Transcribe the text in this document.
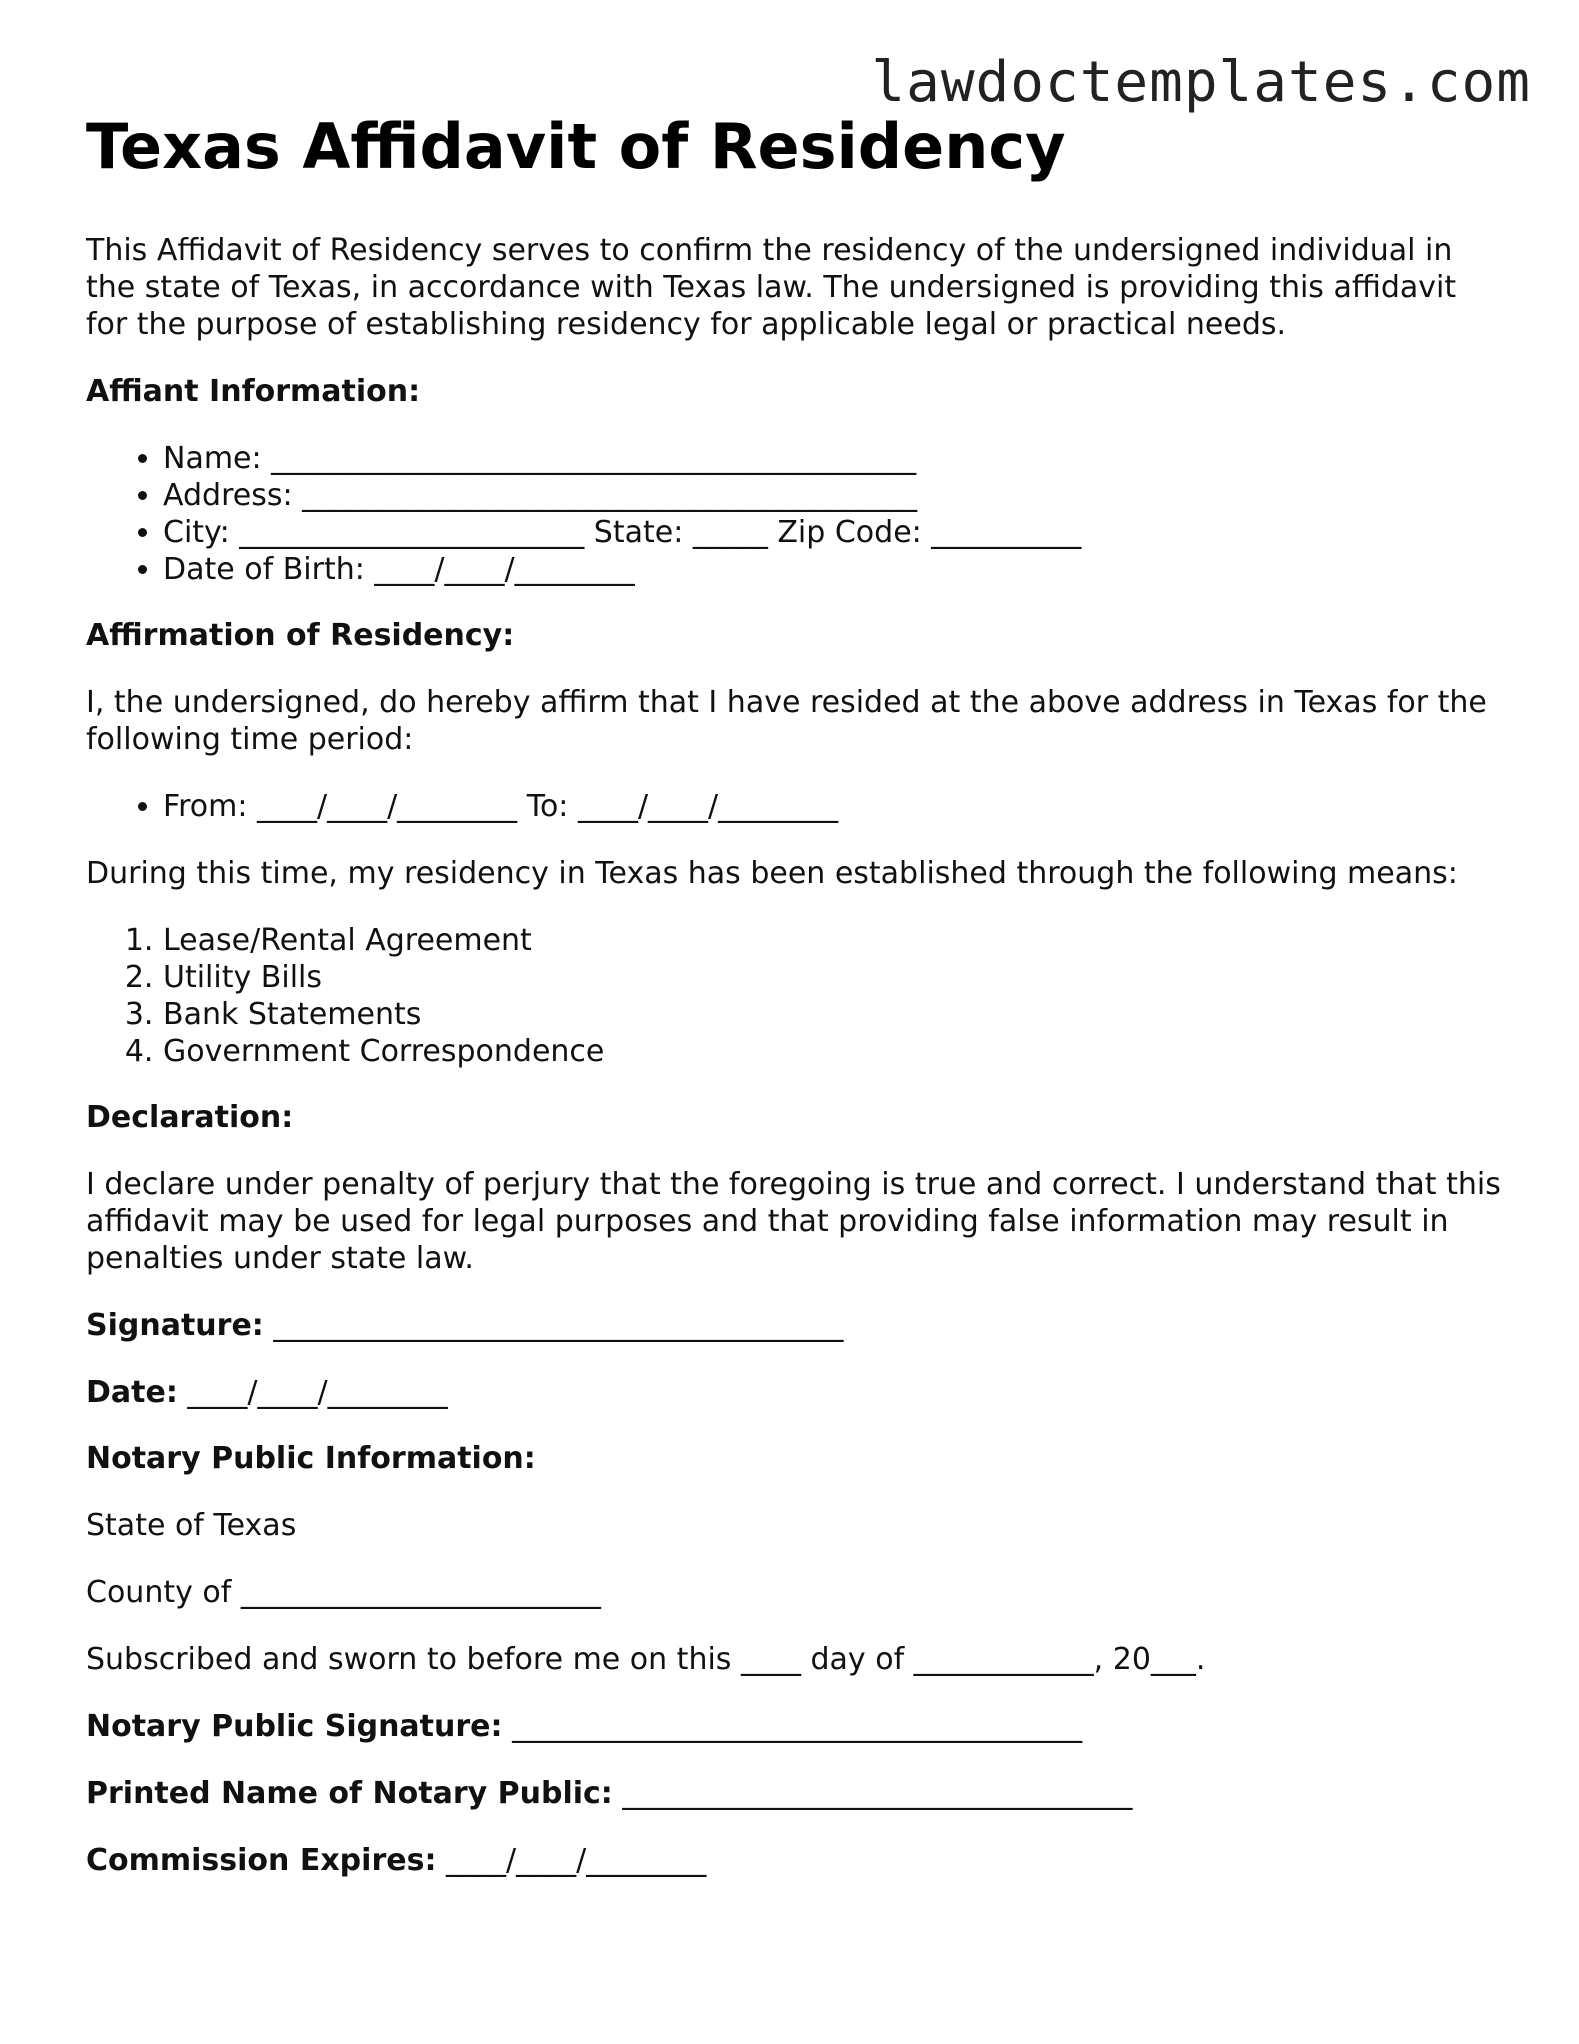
lawdoctemplates.com
Texas Affidavit of Residency

This Affidavit of Residency serves to confirm the residency of the undersigned individual in the state of Texas, in accordance with Texas law. The undersigned is providing this affidavit for the purpose of establishing residency for applicable legal or practical needs.

Affiant Information:
• Name: ___________________________________________
• Address: _________________________________________
• City: _______________________ State: _____ Zip Code: __________
• Date of Birth: ____/____/________
Affirmation of Residency:

I, the undersigned, do hereby affirm that I have resided at the above address in Texas for the following time period:

• From: ____/____/________ To: ____/____/________

During this time, my residency in Texas has been established through the following means:

1. Lease/Rental Agreement
2. Utility Bills
3. Bank Statements
4. Government Correspondence
Declaration:

I declare under penalty of perjury that the foregoing is true and correct. I understand that this affidavit may be used for legal purposes and that providing false information may result in penalties under state law.

Signature: ______________________________________
Date: ____/____/________
Notary Public Information:

State of Texas

County of ________________________

Subscribed and sworn to before me on this ____ day of ____________, 20___.

Notary Public Signature: ______________________________________
Printed Name of Notary Public: __________________________________
Commission Expires: ____/____/________
